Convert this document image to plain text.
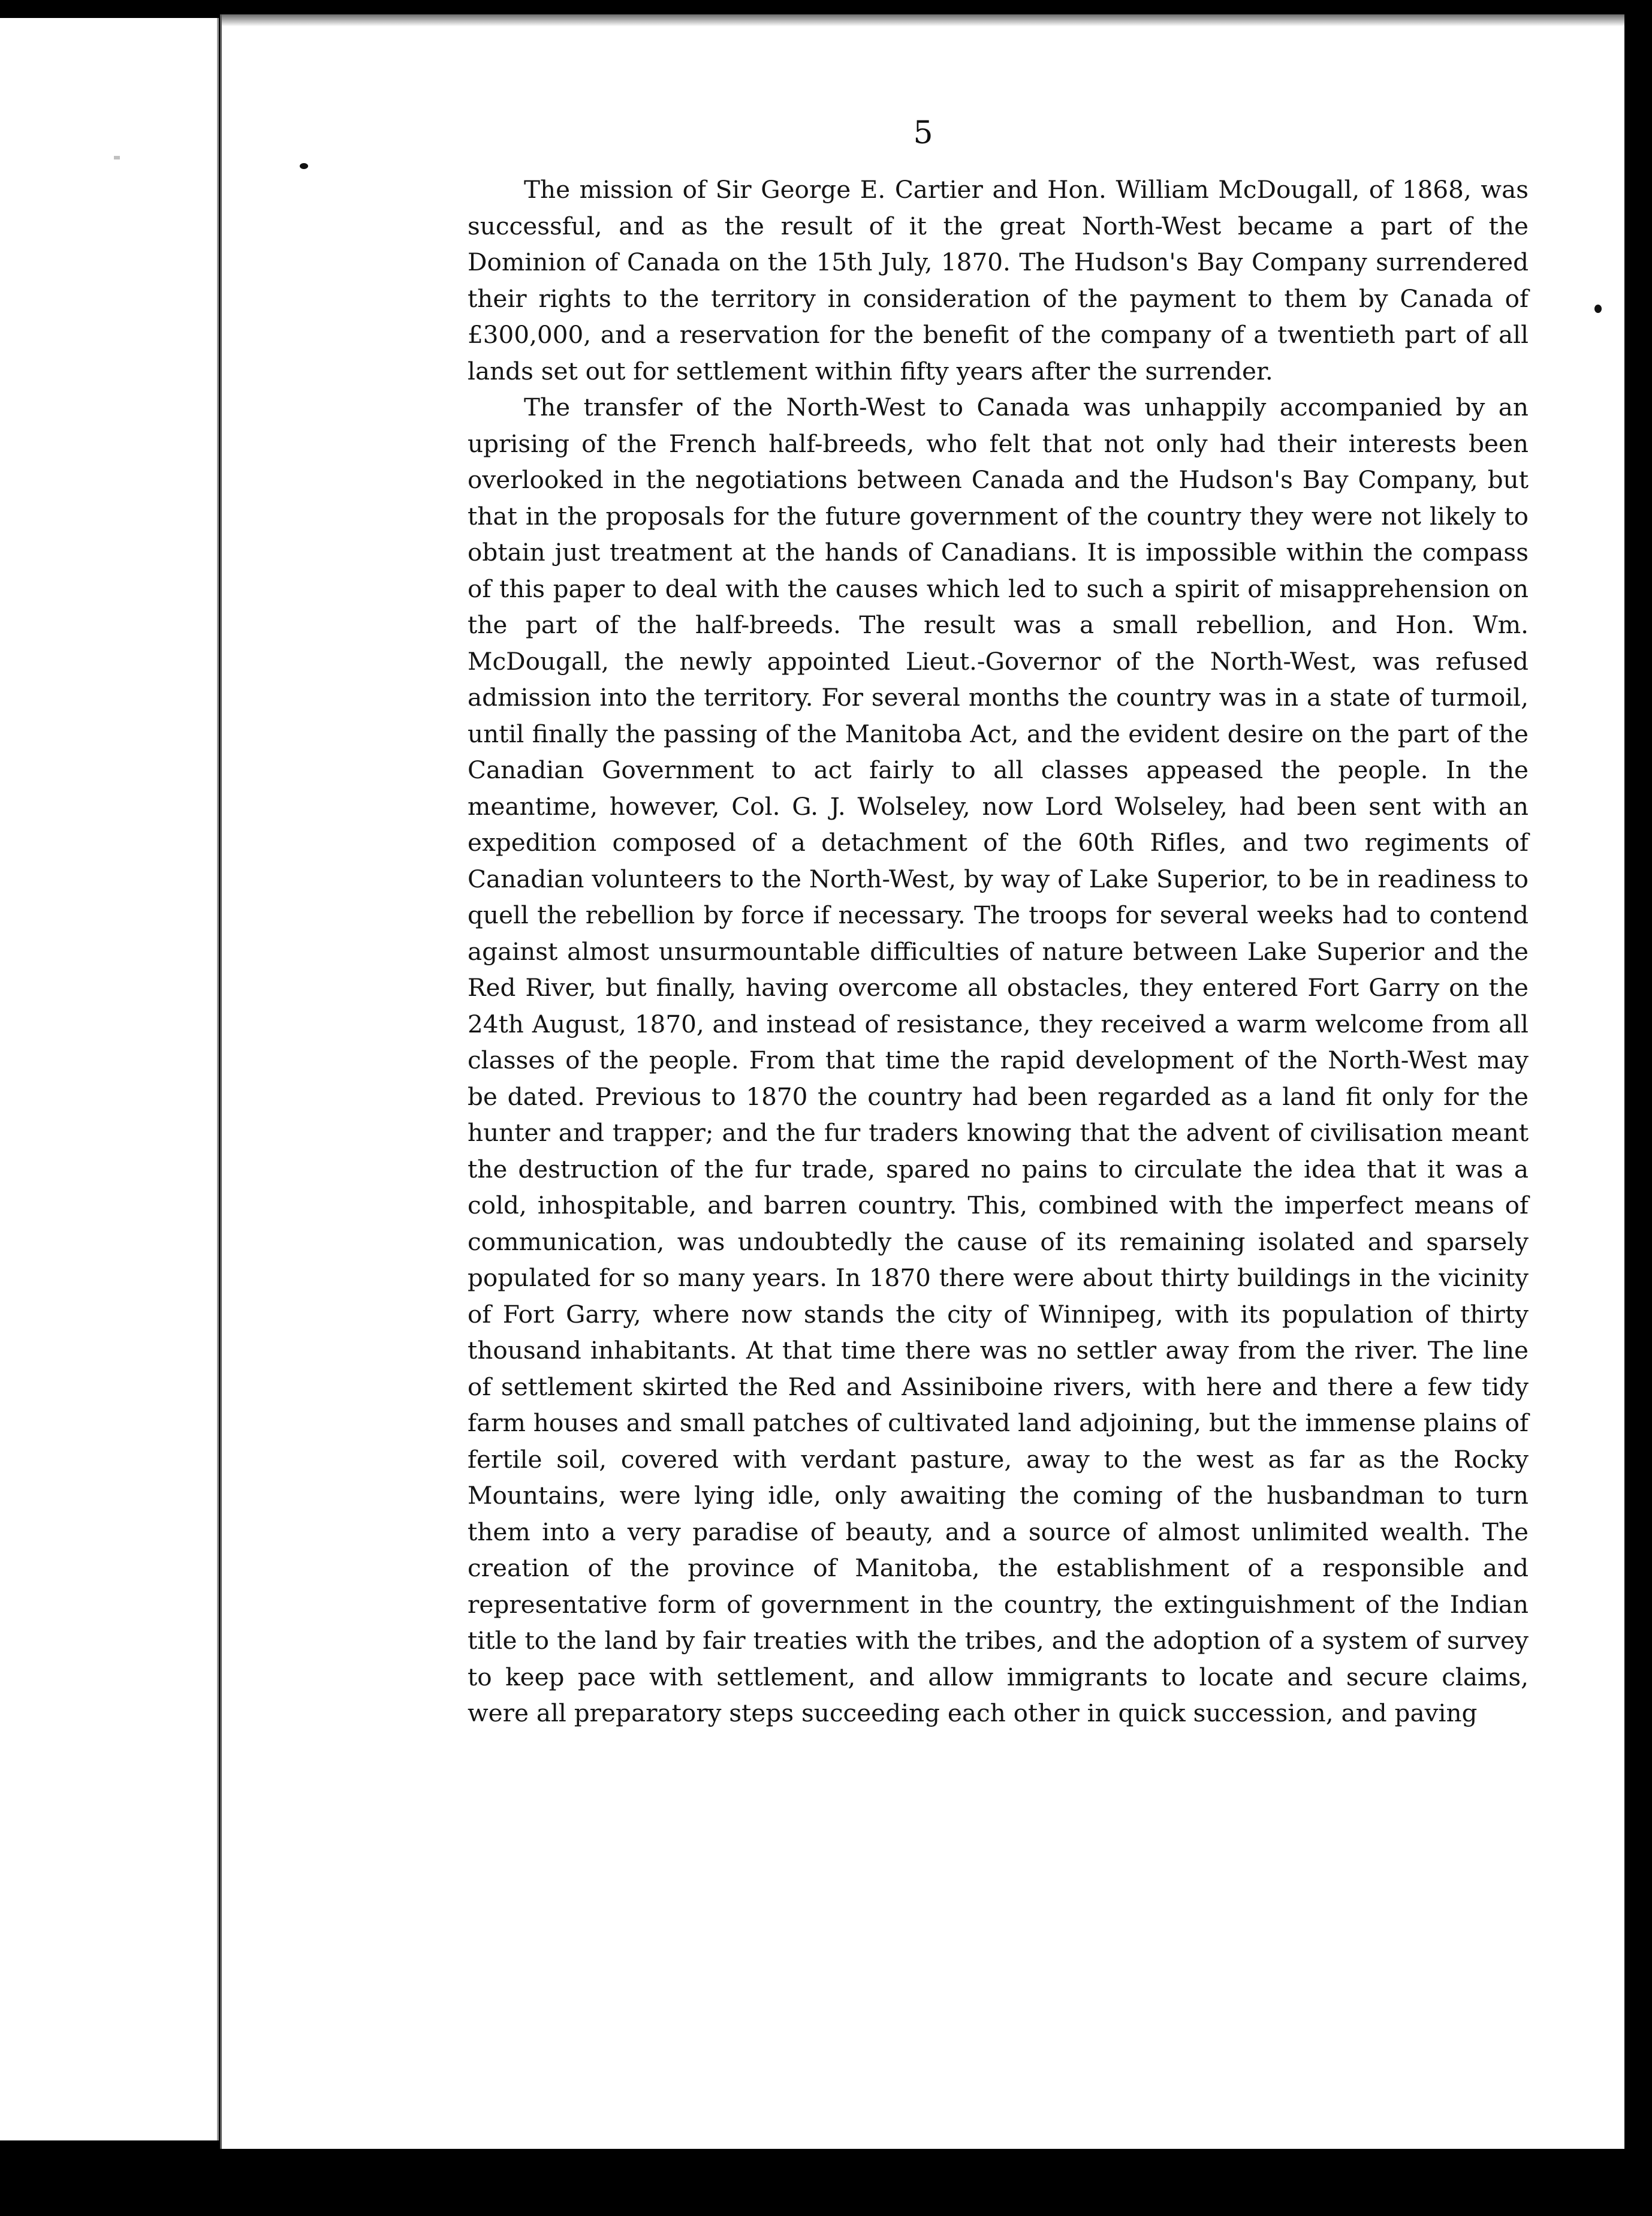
5

The mission of Sir George E. Cartier and Hon. William McDougall, of 1868, was successful, and as the result of it the great North-West became a part of the Dominion of Canada on the 15th July, 1870. The Hudson's Bay Company surrendered their rights to the territory in consideration of the payment to them by Canada of £300,000, and a reservation for the benefit of the company of a twentieth part of all lands set out for settlement within fifty years after the surrender.

The transfer of the North-West to Canada was unhappily accompanied by an uprising of the French half-breeds, who felt that not only had their interests been overlooked in the negotiations between Canada and the Hudson's Bay Company, but that in the proposals for the future government of the country they were not likely to obtain just treatment at the hands of Canadians. It is impossible within the compass of this paper to deal with the causes which led to such a spirit of misapprehension on the part of the half-breeds. The result was a small rebellion, and Hon. Wm. McDougall, the newly appointed Lieut.-Governor of the North-West, was refused admission into the territory. For several months the country was in a state of turmoil, until finally the passing of the Manitoba Act, and the evident desire on the part of the Canadian Government to act fairly to all classes appeased the people. In the meantime, however, Col. G. J. Wolseley, now Lord Wolseley, had been sent with an expedition composed of a detachment of the 60th Rifles, and two regiments of Canadian volunteers to the North-West, by way of Lake Superior, to be in readiness to quell the rebellion by force if necessary. The troops for several weeks had to contend against almost unsurmountable difficulties of nature between Lake Superior and the Red River, but finally, having overcome all obstacles, they entered Fort Garry on the 24th August, 1870, and instead of resistance, they received a warm welcome from all classes of the people. From that time the rapid development of the North-West may be dated. Previous to 1870 the country had been regarded as a land fit only for the hunter and trapper; and the fur traders knowing that the advent of civilisation meant the destruction of the fur trade, spared no pains to circulate the idea that it was a cold, inhospitable, and barren country. This, combined with the imperfect means of communication, was undoubtedly the cause of its remaining isolated and sparsely populated for so many years. In 1870 there were about thirty buildings in the vicinity of Fort Garry, where now stands the city of Winnipeg, with its population of thirty thousand inhabitants. At that time there was no settler away from the river. The line of settlement skirted the Red and Assiniboine rivers, with here and there a few tidy farm houses and small patches of cultivated land adjoining, but the immense plains of fertile soil, covered with verdant pasture, away to the west as far as the Rocky Mountains, were lying idle, only awaiting the coming of the husbandman to turn them into a very paradise of beauty, and a source of almost unlimited wealth. The creation of the province of Manitoba, the establishment of a responsible and representative form of government in the country, the extinguishment of the Indian title to the land by fair treaties with the tribes, and the adoption of a system of survey to keep pace with settlement, and allow immigrants to locate and secure claims, were all preparatory steps succeeding each other in quick succession, and paving
